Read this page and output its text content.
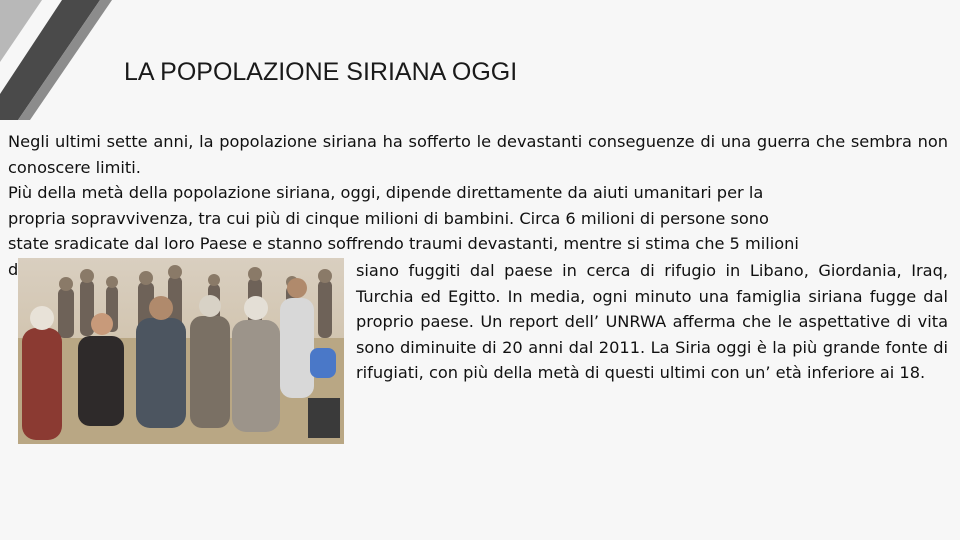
LA POPOLAZIONE SIRIANA OGGI

Negli ultimi sette anni, la popolazione siriana ha sofferto le devastanti conseguenze di una guerra che sembra non conoscere limiti.

Più della metà della popolazione siriana, oggi, dipende direttamente da aiuti umanitari per la
propria sopravvivenza, tra cui più di cinque milioni di bambini. Circa 6 milioni di persone sono
state sradicate dal loro Paese e stanno soffrendo traumi devastanti, mentre si stima che 5 milioni
d	siano fuggiti dal paese in cerca di rifugio in Libano, Giordania, Iraq, Turchia ed Egitto. In media, ogni minuto una famiglia siriana fugge dal proprio paese. Un report dell’ UNRWA afferma che le aspettative di vita sono diminuite di 20 anni dal 2011. La Siria oggi è la più grande fonte di rifugiati, con più della metà di questi ultimi con un’ età inferiore ai 18.
